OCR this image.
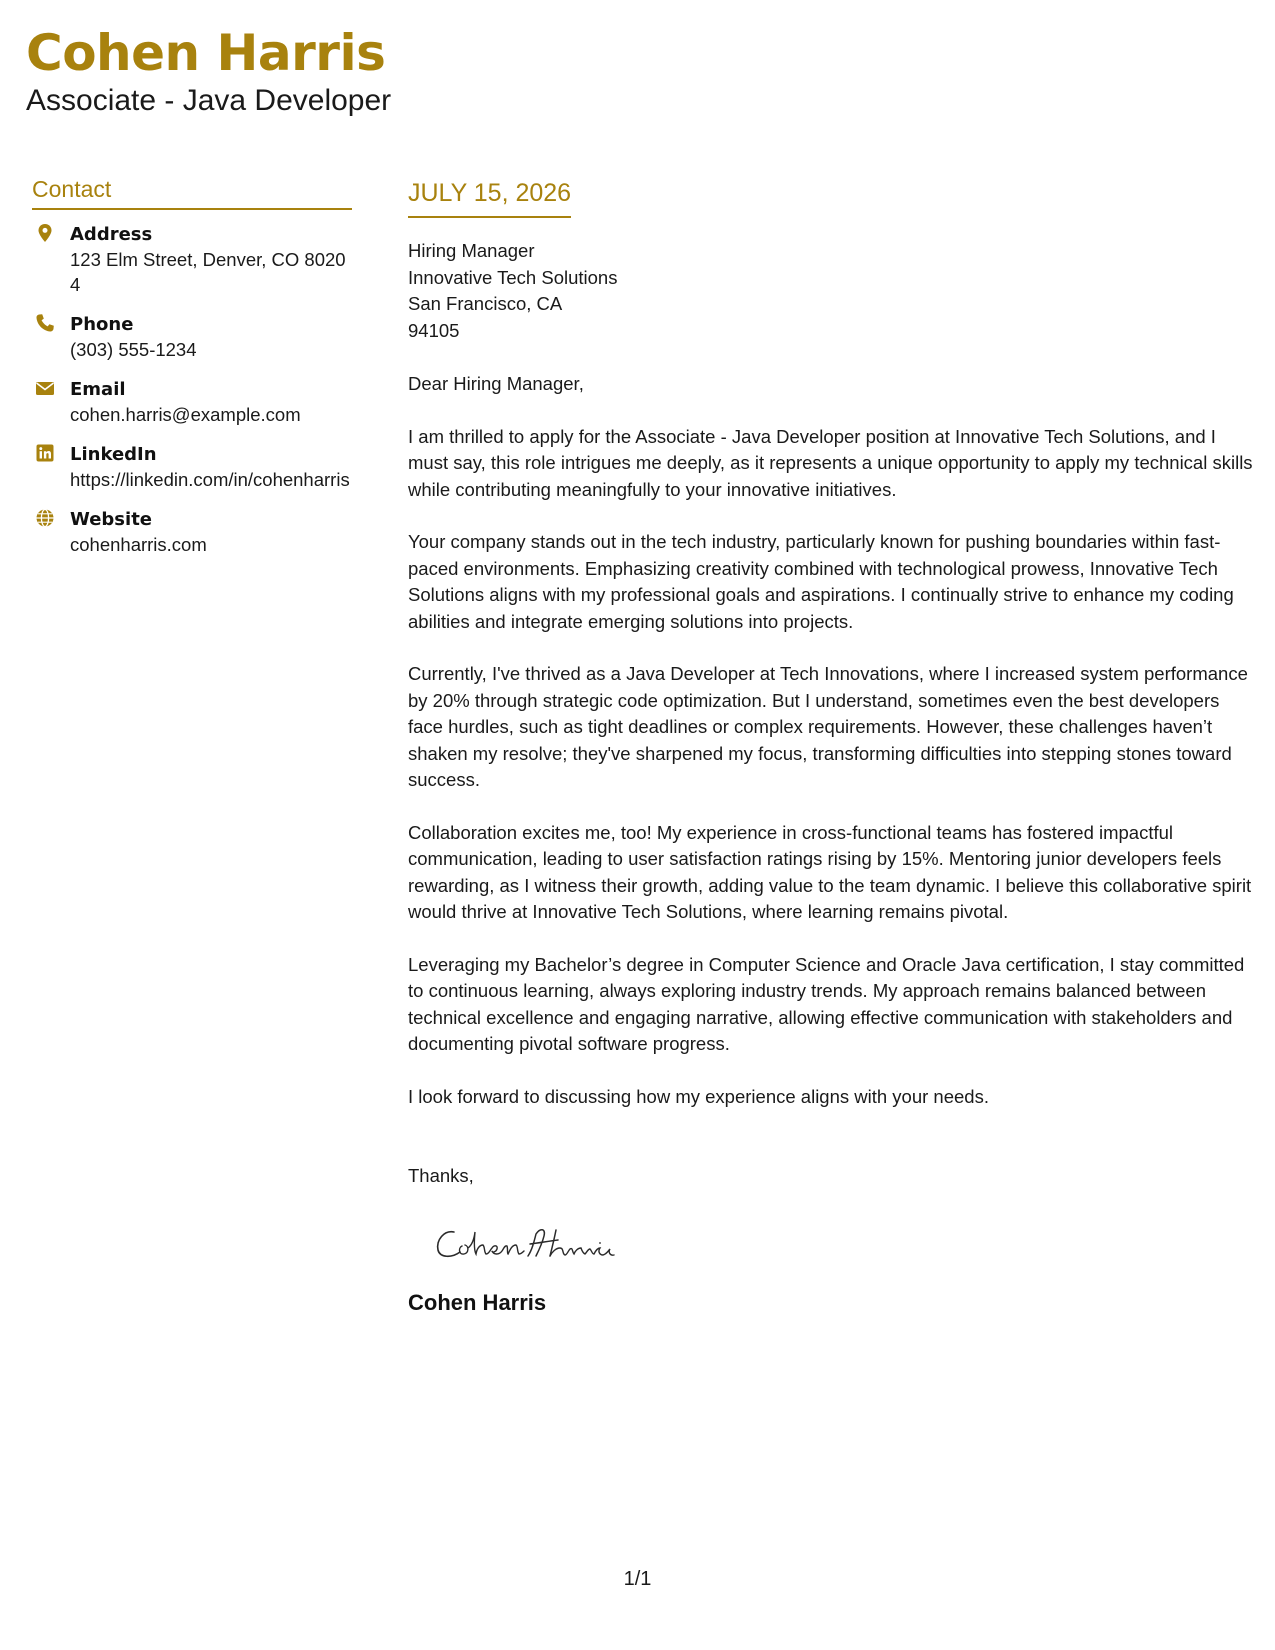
Cohen Harris
Associate - Java Developer
Contact
Address
123 Elm Street, Denver, CO 80204
Phone
(303) 555-1234
Email
cohen.harris@example.com
LinkedIn
https://linkedin.com/in/cohenharris
Website
cohenharris.com
JULY 15, 2026
Hiring Manager
Innovative Tech Solutions
San Francisco, CA
94105
Dear Hiring Manager,

I am thrilled to apply for the Associate - Java Developer position at Innovative Tech Solutions, and I must say, this role intrigues me deeply, as it represents a unique opportunity to apply my technical skills while contributing meaningfully to your innovative initiatives.

Your company stands out in the tech industry, particularly known for pushing boundaries within fast-paced environments. Emphasizing creativity combined with technological prowess, Innovative Tech Solutions aligns with my professional goals and aspirations. I continually strive to enhance my coding abilities and integrate emerging solutions into projects.

Currently, I've thrived as a Java Developer at Tech Innovations, where I increased system performance by 20% through strategic code optimization. But I understand, sometimes even the best developers face hurdles, such as tight deadlines or complex requirements. However, these challenges haven’t shaken my resolve; they've sharpened my focus, transforming difficulties into stepping stones toward success.

Collaboration excites me, too! My experience in cross-functional teams has fostered impactful communication, leading to user satisfaction ratings rising by 15%. Mentoring junior developers feels rewarding, as I witness their growth, adding value to the team dynamic. I believe this collaborative spirit would thrive at Innovative Tech Solutions, where learning remains pivotal.

Leveraging my Bachelor’s degree in Computer Science and Oracle Java certification, I stay committed to continuous learning, always exploring industry trends. My approach remains balanced between technical excellence and engaging narrative, allowing effective communication with stakeholders and documenting pivotal software progress.

I look forward to discussing how my experience aligns with your needs.

Thanks,
Cohen Harris
1/1
